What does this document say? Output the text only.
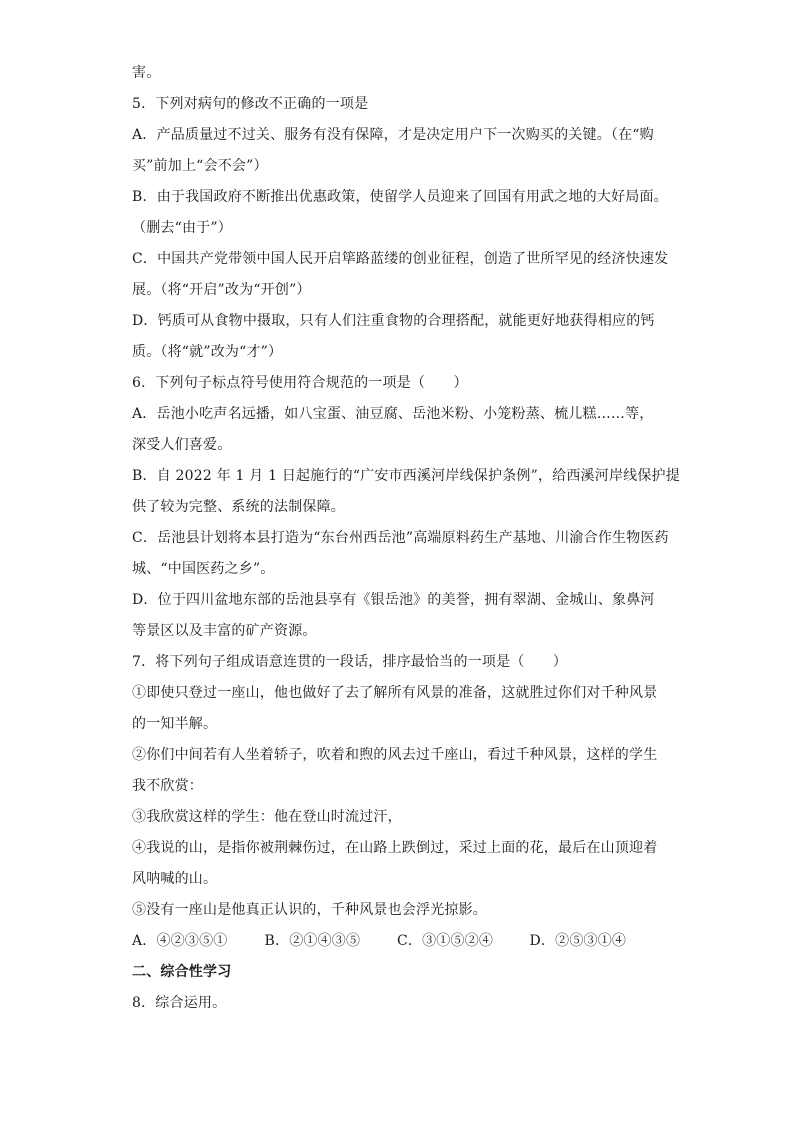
害。
5．下列对病句的修改不正确的一项是
A．产品质量过不过关、服务有没有保障，才是决定用户下一次购买的关键。（在“购
买”前加上“会不会”）
B．由于我国政府不断推出优惠政策，使留学人员迎来了回国有用武之地的大好局面。
（删去“由于”）
C．中国共产党带领中国人民开启筚路蓝缕的创业征程，创造了世所罕见的经济快速发
展。（将“开启”改为“开创”）
D．钙质可从食物中摄取，只有人们注重食物的合理搭配，就能更好地获得相应的钙
质。（将“就”改为“才”）
6．下列句子标点符号使用符合规范的一项是（　　）
A．岳池小吃声名远播，如八宝蛋、油豆腐、岳池米粉、小笼粉蒸、梳儿糕……等，
深受人们喜爱。
B．自 2022 年 1 月 1 日起施行的“广安市西溪河岸线保护条例”，给西溪河岸线保护提
供了较为完整、系统的法制保障。
C．岳池县计划将本县打造为“东台州西岳池”高端原料药生产基地、川渝合作生物医药
城、“中国医药之乡”。
D．位于四川盆地东部的岳池县享有《银岳池》的美誉，拥有翠湖、金城山、象鼻河
等景区以及丰富的矿产资源。
7．将下列句子组成语意连贯的一段话，排序最恰当的一项是（　　）
①即使只登过一座山，他也做好了去了解所有风景的准备，这就胜过你们对千种风景
的一知半解。
②你们中间若有人坐着轿子，吹着和煦的风去过千座山，看过千种风景，这样的学生
我不欣赏：
③我欣赏这样的学生：他在登山时流过汗，
④我说的山，是指你被荆棘伤过，在山路上跌倒过，采过上面的花，最后在山顶迎着
风呐喊的山。
⑤没有一座山是他真正认识的，千种风景也会浮光掠影。
A．④②③⑤①	B．②①④③⑤	C．③①⑤②④	D．②⑤③①④
二、综合性学习
8．综合运用。
